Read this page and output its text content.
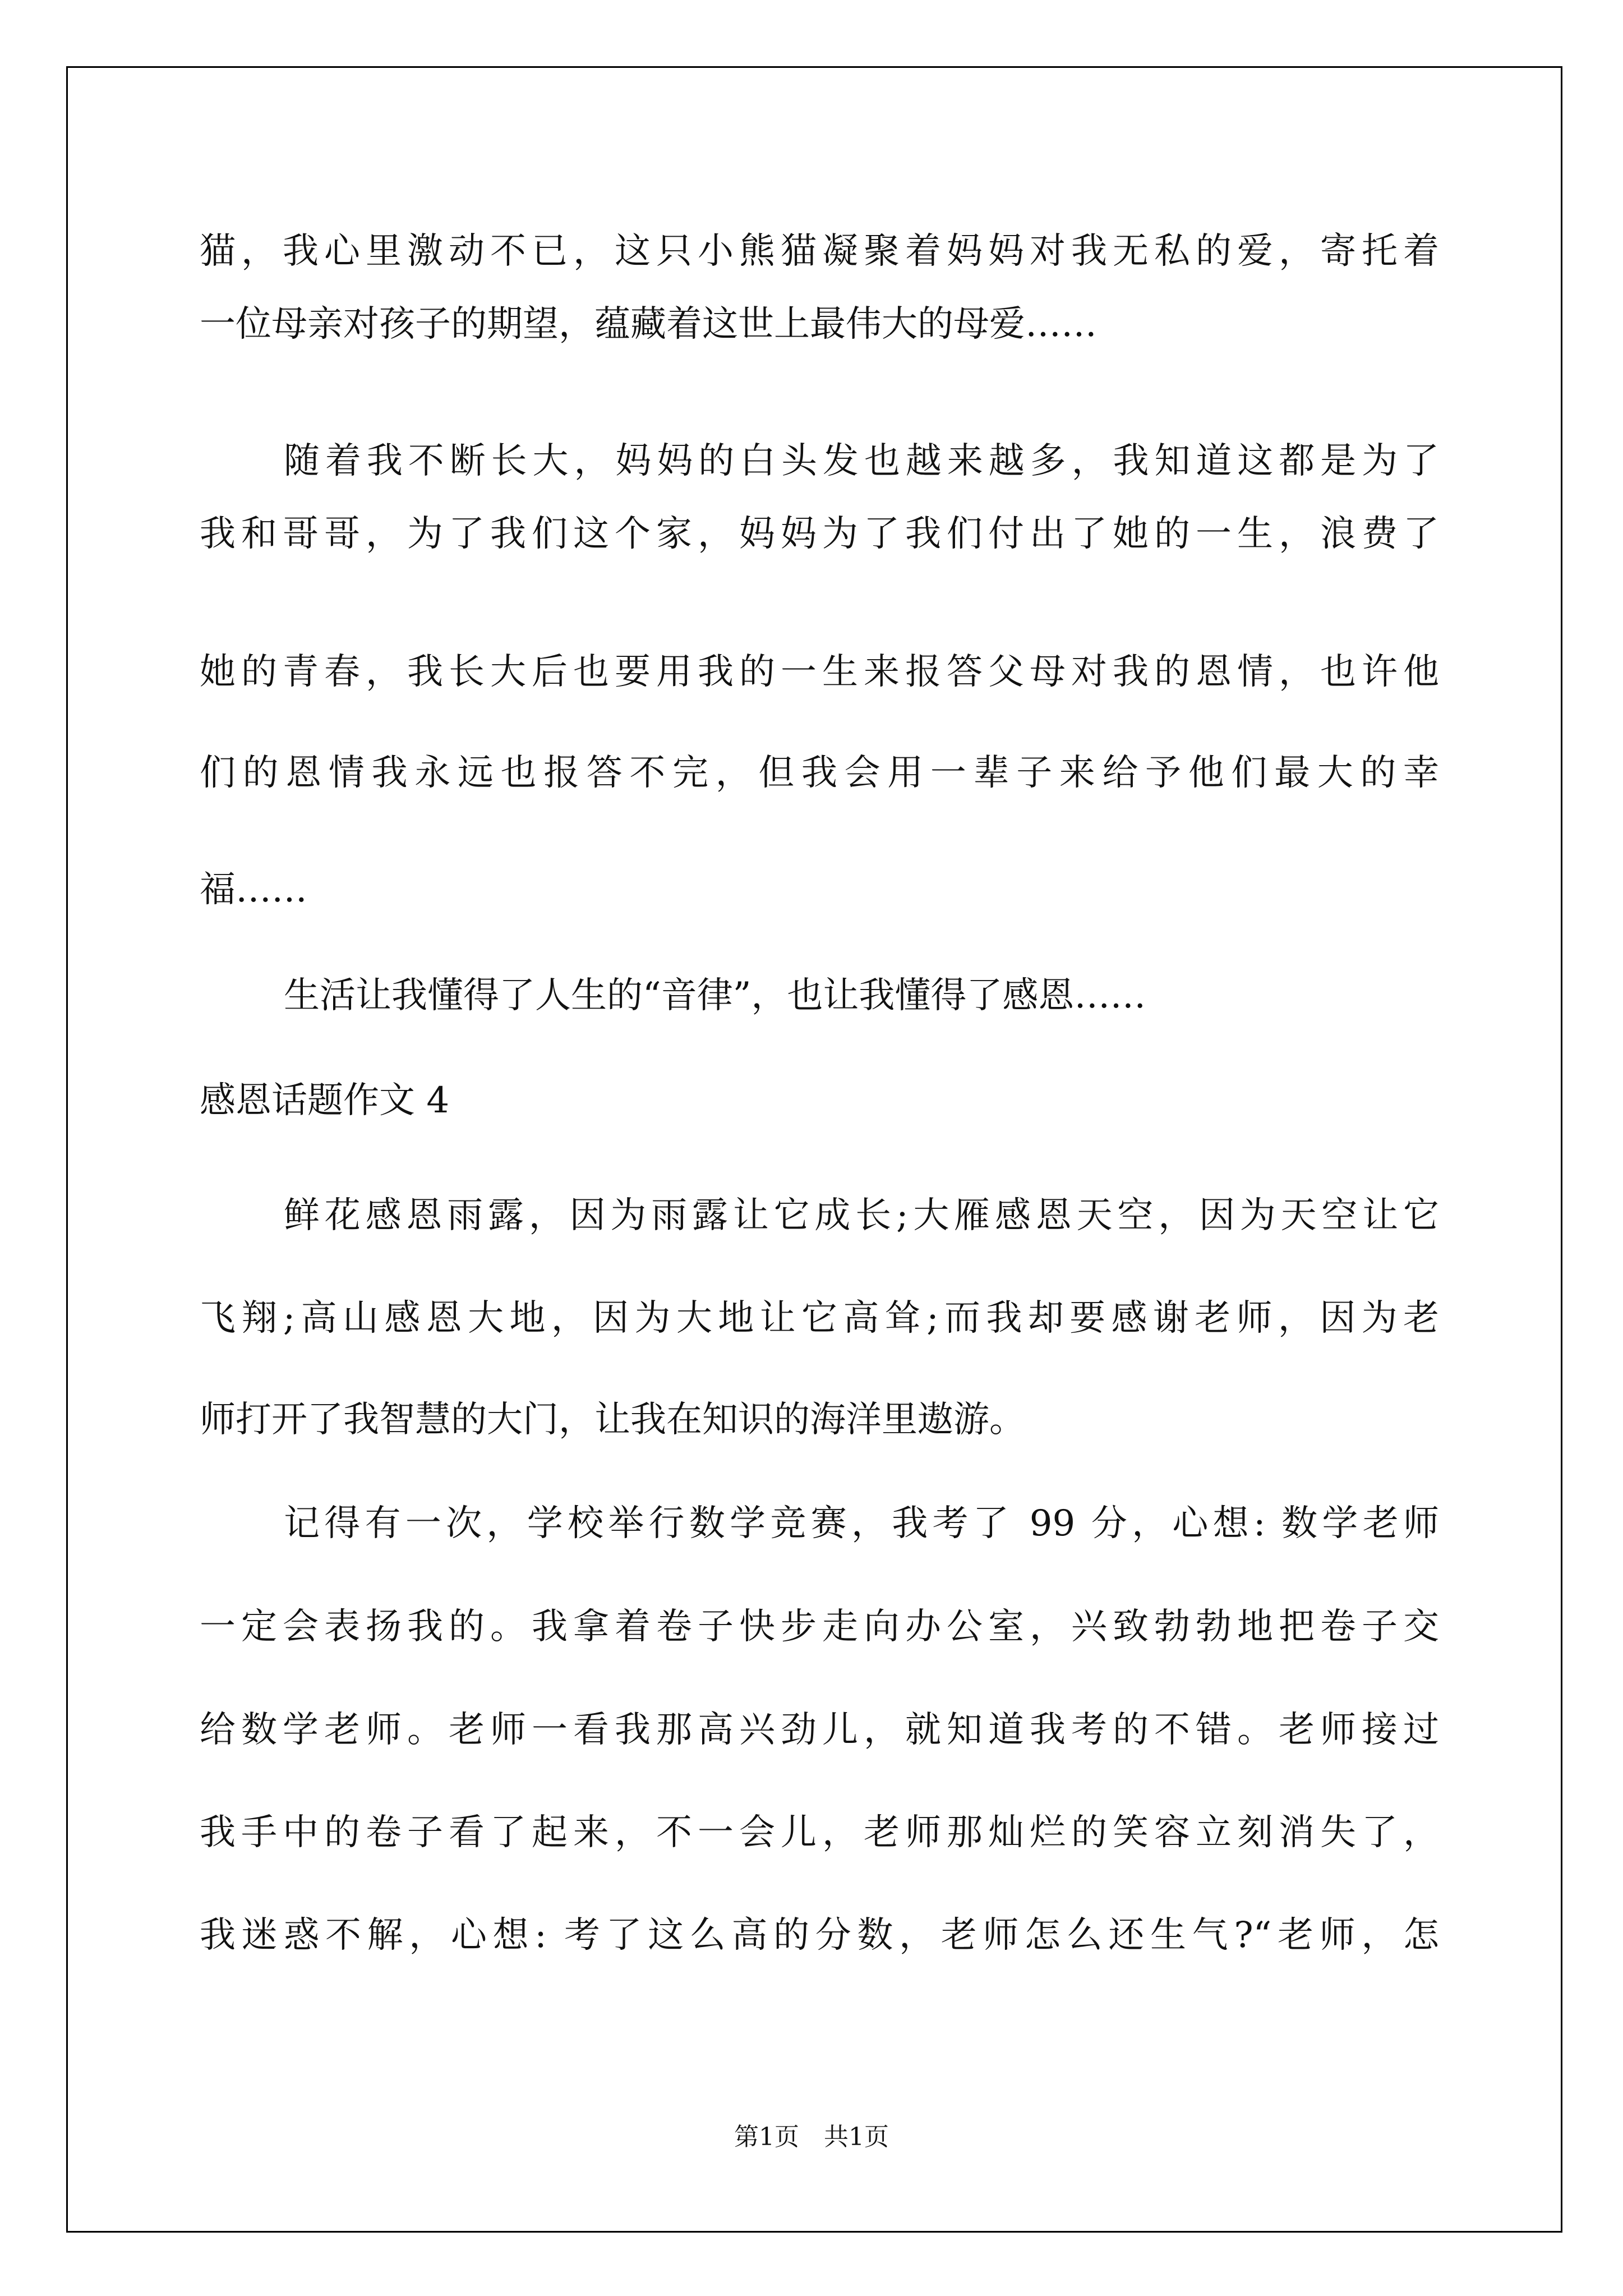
猫，我心里激动不已，这只小熊猫凝聚着妈妈对我无私的爱，寄托着
一位母亲对孩子的期望，蕴藏着这世上最伟大的母爱……
随着我不断长大，妈妈的白头发也越来越多，我知道这都是为了
我和哥哥，为了我们这个家，妈妈为了我们付出了她的一生，浪费了
她的青春，我长大后也要用我的一生来报答父母对我的恩情，也许他
们的恩情我永远也报答不完，但我会用一辈子来给予他们最大的幸
福……
生活让我懂得了人生的“音律”，也让我懂得了感恩……
感恩话题作文 4
鲜花感恩雨露，因为雨露让它成长;大雁感恩天空，因为天空让它
飞翔;高山感恩大地，因为大地让它高耸;而我却要感谢老师，因为老
师打开了我智慧的大门，让我在知识的海洋里遨游。
记得有一次，学校举行数学竞赛，我考了 99 分，心想: 数学老师
一定会表扬我的。我拿着卷子快步走向办公室，兴致勃勃地把卷子交
给数学老师。老师一看我那高兴劲儿，就知道我考的不错。老师接过
我手中的卷子看了起来，不一会儿，老师那灿烂的笑容立刻消失了，
我迷惑不解，心想: 考了这么高的分数，老师怎么还生气?“老师，怎
第1页　共1页
